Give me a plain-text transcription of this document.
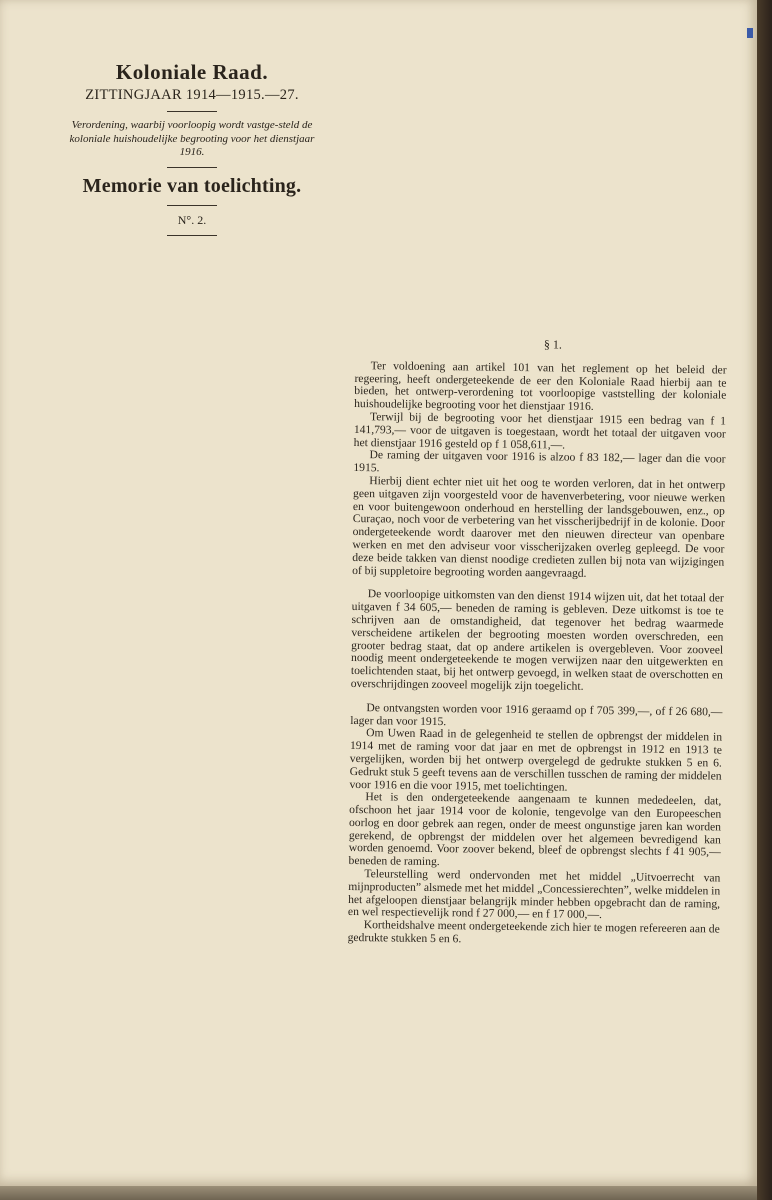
Koloniale Raad.
ZITTINGJAAR 1914—1915.—27.
Verordening, waarbij voorloopig wordt vastge-steld de koloniale huishoudelijke begrooting voor het dienstjaar 1916.
Memorie van toelichting.
N°. 2.
§ 1.

Ter voldoening aan artikel 101 van het reglement op het beleid der regeering, heeft ondergeteekende de eer den Koloniale Raad hierbij aan te bieden, het ontwerp-verordening tot voorloopige vaststelling der koloniale huishoudelijke begrooting voor het dienstjaar 1916.

Terwijl bij de begrooting voor het dienstjaar 1915 een bedrag van f 1 141,793,— voor de uitgaven is toegestaan, wordt het totaal der uitgaven voor het dienstjaar 1916 gesteld op f 1 058,611,—.

De raming der uitgaven voor 1916 is alzoo f 83 182,— lager dan die voor 1915.

Hierbij dient echter niet uit het oog te worden verloren, dat in het ontwerp geen uitgaven zijn voorgesteld voor de havenverbetering, voor nieuwe werken en voor buitengewoon onderhoud en herstelling der landsgebouwen, enz., op Curaçao, noch voor de verbetering van het visscherijbedrijf in de kolonie. Door ondergeteekende wordt daarover met den nieuwen directeur van openbare werken en met den adviseur voor visscherijzaken overleg gepleegd. De voor deze beide takken van dienst noodige credieten zullen bij nota van wijzigingen of bij suppletoire begrooting worden aangevraagd.

De voorloopige uitkomsten van den dienst 1914 wijzen uit, dat het totaal der uitgaven f 34 605,— beneden de raming is gebleven. Deze uitkomst is toe te schrijven aan de omstandigheid, dat tegenover het bedrag waarmede verscheidene artikelen der begrooting moesten worden overschreden, een grooter bedrag staat, dat op andere artikelen is overgebleven. Voor zooveel noodig meent ondergeteekende te mogen verwijzen naar den uitgewerkten en toelichtenden staat, bij het ontwerp gevoegd, in welken staat de overschotten en overschrijdingen zooveel mogelijk zijn toegelicht.

De ontvangsten worden voor 1916 geraamd op f 705 399,—, of f 26 680,— lager dan voor 1915.

Om Uwen Raad in de gelegenheid te stellen de opbrengst der middelen in 1914 met de raming voor dat jaar en met de opbrengst in 1912 en 1913 te vergelijken, worden bij het ontwerp overgelegd de gedrukte stukken 5 en 6. Gedrukt stuk 5 geeft tevens aan de verschillen tusschen de raming der middelen voor 1916 en die voor 1915, met toelichtingen.

Het is den ondergeteekende aangenaam te kunnen mededeelen, dat, ofschoon het jaar 1914 voor de kolonie, tengevolge van den Europeeschen oorlog en door gebrek aan regen, onder de meest ongunstige jaren kan worden gerekend, de opbrengst der middelen over het algemeen bevredigend kan worden genoemd. Voor zoover bekend, bleef de opbrengst slechts f 41 905,— beneden de raming.

Teleurstelling werd ondervonden met het middel „Uitvoerrecht van mijnproducten” alsmede met het middel „Concessierechten”, welke middelen in het afgeloopen dienstjaar belangrijk minder hebben opgebracht dan de raming, en wel respectievelijk rond f 27 000,— en f 17 000,—.

Kortheidshalve meent ondergeteekende zich hier te mogen refereeren aan de gedrukte stukken 5 en 6.
